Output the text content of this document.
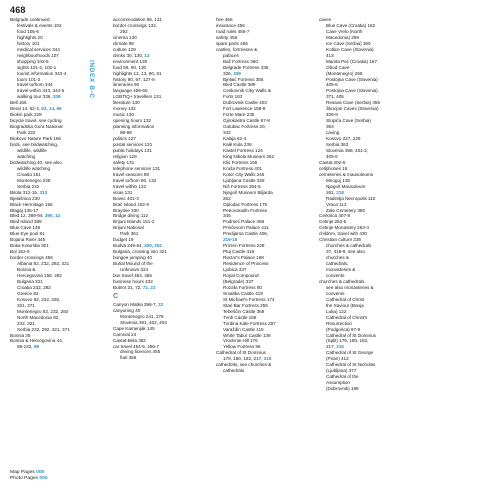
468
INDEX B-C
Belgrade continued
festivals & events 102
food 105-6
highlights 20
history 101
medical services 344
neighbourhoods 107
shopping 342-5
sights 101-2, 102-1
tourist information 343-4
tours 101-2
travel to/from 344
travel within 343, 344-5
walking tour 336, 339
Bell 156
Beral 14, 62-4, 63, 14, 65
Biokin park 229
bicycle travel, see cycling
Biogradska Gora National
Park 222
Biokovo Nature Park 166
birds, see birdwatching,
wildlife, wildlife
watching
birdwatching 40, see also
wildlife watching
Croatia 151
Montenegro 228
Serbia 232
Bitola 312-15, 313
Bjelašnica 230
Black Hermitage 156
Blagaj 136-17
Bled 12, 389-94, 390, 12
Bled Island 389
Blue Cave 149
Blue Eye pool 81
Bojana River 445
Boka Kotorska 301
Bol 152-9
border crossings 456
Albania 82, 232, 292, 321
Bosnia &
Hercegovina 158, 292
Bulgaria 321
Croatia 232, 292
Greece 82
Kosovo 82, 232, 292,
321, 371
Montenegro 82, 232, 292
North Macedonia 82,
232, 321
Serbia 232, 292, 321, 371
Bosnia 35
Bosnia & Hercegovina 44,
98-132, 98
accommodation 56, 131
border crossings 132,
292
cinema 130
climate 98
culture 129
drinks 30, 130, 13
environment 130
food 59, 90, 130
highlights 12, 13, 90, 91
history 90, 97, 127-9
itineraries 90
language 459-60
LGBTIQ+ travellers 131
literature 130
money 132
music 130
opening hours 132
planning information
98-99
politics 127
postal services 131
public holidays 131
religion 129
safety 131
telephone services 131
travel seasons 98
travel to/from 90, 132
travel within 132
visas 131
Bovec 401-3
Brač Island 152-9
Braytine 330
Bridge diving 112
Brijuni Islands 151-2
Brijuni National
Park 361
budget 19
Budva 249-54, 250, 252
Bulgaria, crossing into 321
bungee jumping 40
Burial Mound of the
Unknown 224
bus travel 454, 455
business hours 432
Butrint 21, 72, 72, 22
C
Canyon Matka 296-7, 22
canyoning 40
Montenegro 241, 276
Slovenia 391, 402, 404
Cape Kamenjak 145
Carnival 24
Cavtat-Bela 382
car travel 454-5, 456-7
driving licences 455
fuel 456
hire 456
insurance 456
road rules 456-7
safety 456
spare parts 456
castles, fortresses &
palaces
Bač Fortress 360
Belgrade Fortress 335,
336, 339
Bjelaić Fortress 355
Bled Castle 389
Ceskovnik Citiy Walls &
Forts 163
Dubrovnik Castle 403
Fort Lawrence 158-9
Forte Mare 235
Gjirokastra Castle 67-8
Golubac Fortress 20,
342
Kalaja 62-4
Kalë Kula 239
Kastel Fortress 124
King Nikola Museum 262
Klis Fortress 165
Kruša Fortress 401
Kotor City Walls 246
Ljubljana Castle 329
Niš Fortress 364-5
Njegoš Museum Biljarda
262
Oplodac Fortress 175
Petrovaradin Fortress
345
Podmeć Palace 368
Prinčevom Palace 411
Predijama Castle 406,
216-16
Prizren Fortress 228
Ptuj Castle 419
Rector's Palace 168
Residence of Princess
Ljubica 337
Royal Compound
(Belgrade) 337
Rozafa Fortress 80
Smaltka Castle 419
St Michael's Fortress 174
Stari Bar Fortress 255
Tebeščin Castle 368
Tvrdi Castle 159
Tvrdina Kale Fortress 297
Varaždin Castle 115
White Tabor Castle 139
Vrodnnie Hill 176
Yellow Fortress 96
Cathedral of St Domnius
179, 180, 182, 217, 216
cathedrals, see churches &
cathedrals
caves
Blue Cave (Croatia) 182
Cave Vrelo (North
Macedonia) 298
Ice Cave (Serbia) 360
Kotlice Cave (Slovenia)
413
Manita Peć (Croatia) 167
Obod Cave
(Montenegro) 266
Postojna Cave (Slovenia)
405-6
Postojna Cave (Slovenia)
371, 405
Resava Cave (Serbia) 366
Škocjan Caves (Slovenia)
408-9
Stopića Cave (Serbia)
353
caving
Kosovo 227, 229
Serbia 363
Slovenia 398, 401-2,
405-6
Cavtat 202-6
cellphones 18
cemeteries & mausoleums
Mirogoj 135
Njegoš Mausoleum
261, 218
Radimlja Necropolis 110
Vraca 113
Zale Cemetery 380
Cerknica 407-8
Cetinje 262-5
Cetinje Monastery 263-4
children, travel with 430
Christian culture 235
churches & cathedrals
37, 418-9, see also
churches &
cathedrals,
monasteries &
convents
churches & cathedrals,
see also monasteries &
convents
Cathedral of Christ
the Saviour (Banja
Luka) 122
Cathedral of Christ's
Resurrection
(Podgorica) 97-9
Cathedral of St Domnius
(Split) 179, 180, 182,
217, 216
Cathedral of St George
(Piran) 412
Cathedral of St Nicholas
(Ljubljana) 377
Cathedral of the
Assumption
(Dubrovnik) 198
Map Pages 000
Photo Pages 000
